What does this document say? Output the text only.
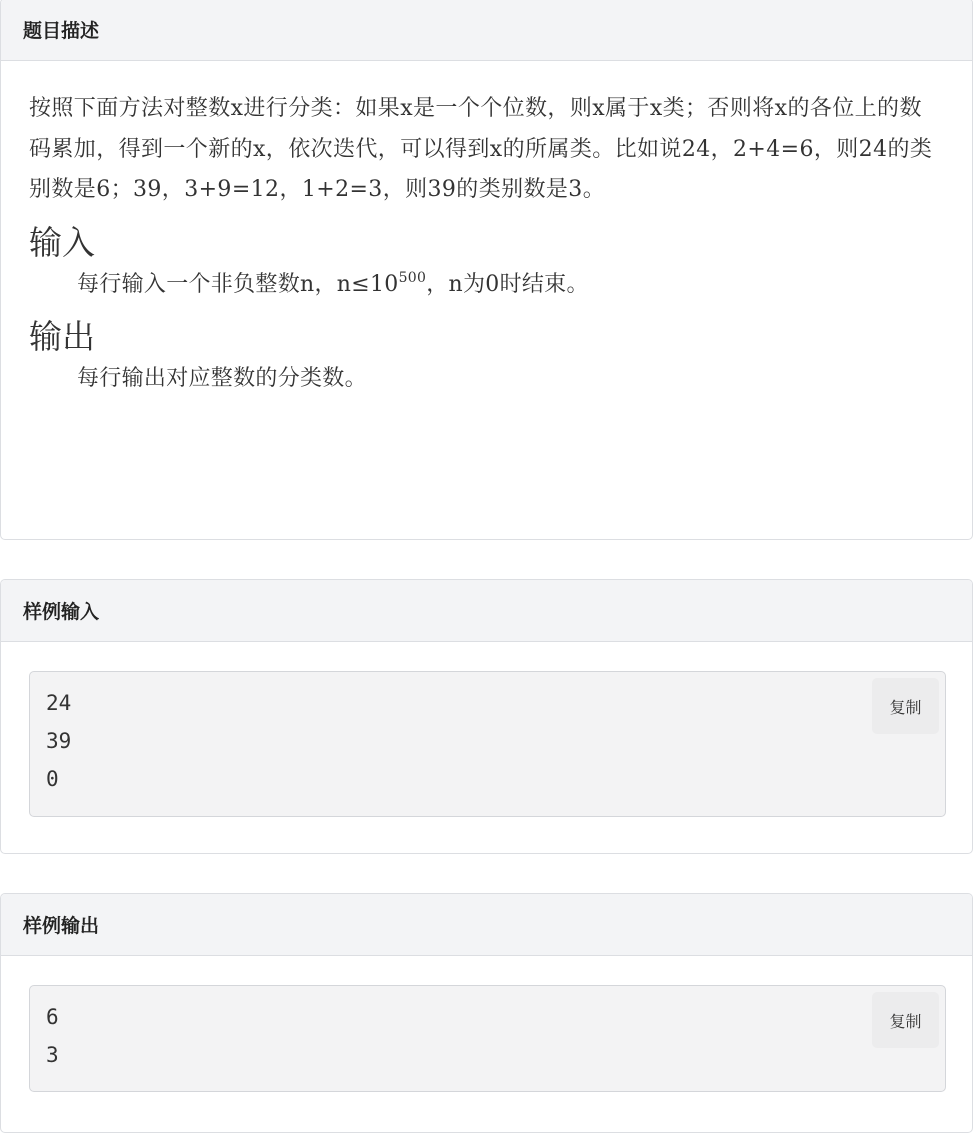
题目描述

按照下面方法对整数x进行分类：如果x是一个个位数，则x属于x类；否则将x的各位上的数码累加，得到一个新的x，依次迭代，可以得到x的所属类。比如说24，2+4=6，则24的类别数是6；39，3+9=12，1+2=3，则39的类别数是3。

输入

每行输入一个非负整数n，$n\le 10^{500}$，n为0时结束。

输出

每行输出对应整数的分类数。

样例输入
24
39
0
复制
样例输出
6
3
复制
